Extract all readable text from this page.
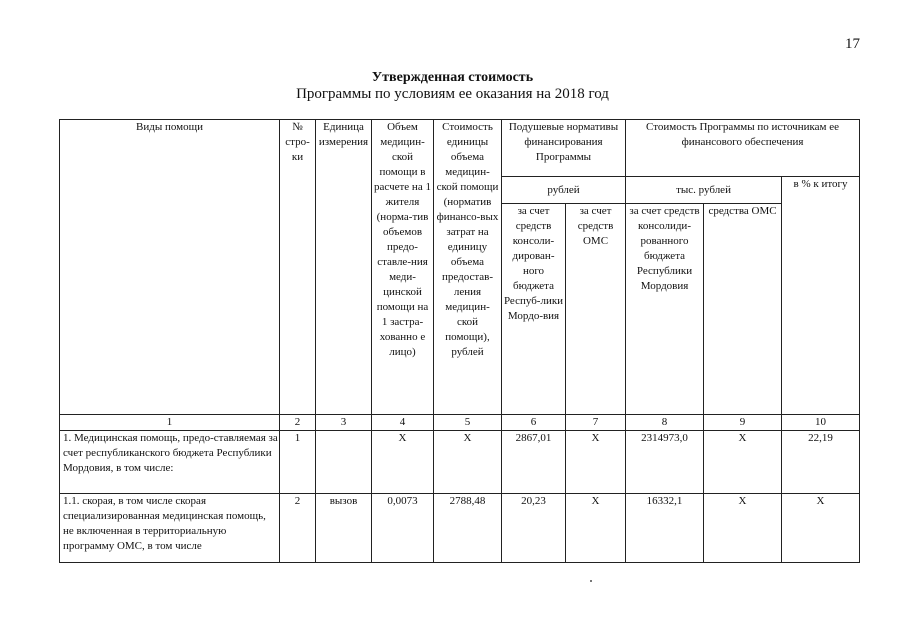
17
Утвержденная стоимость
Программы по условиям ее оказания на 2018 год
Виды помощи	№ стро-ки	Единица измерения	Объем медицин-ской помощи в расчете на 1 жителя (норма-тив объемов предо-ставле-ния меди-цинской помощи на 1 застра-хованно е лицо)	Стоимость единицы объема медицин-ской помощи (норматив финансо-вых затрат на единицу объема предостав-ления медицин-ской помощи), рублей	Подушевые нормативы финансирования Программы		Стоимость Программы по источникам ее финансового обеспечения		
					рублей		тыс. рублей		в % к итогу
					за счет средств консоли-дирован-ного бюджета Респуб-лики Мордо-вия	за счет средств ОМС	за счет средств консолиди-рованного бюджета Республики Мордовия	средства ОМС	
1	2	3	4	5	6	7	8	9	10
1. Медицинская помощь, предо-ставляемая за счет республиканского бюджета Республики Мордовия, в том числе:	1		X	X	2867,01	X	2314973,0	X	22,19
1.1. скорая, в том числе скорая специализированная медицинская помощь, не включенная в территориальную программу ОМС, в том числе	2	вызов	0,0073	2788,48	20,23	X	16332,1	X	X
